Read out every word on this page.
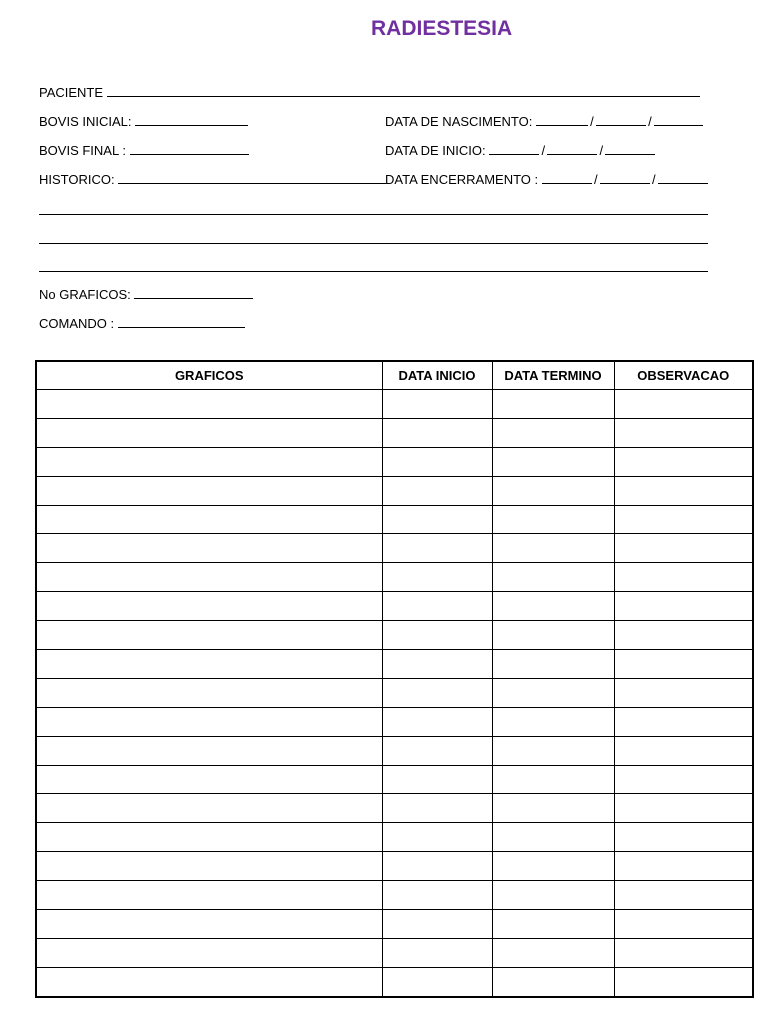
RADIESTESIA
PACIENTE
BOVIS INICIAL:	DATA DE NASCIMENTO:	/	/
BOVIS FINAL :	DATA DE INICIO:	/	/
HISTORICO:	DATA ENCERRAMENTO :	/	/
No GRAFICOS:
COMANDO :
GRAFICOS	DATA INICIO	DATA TERMINO	OBSERVACAO
